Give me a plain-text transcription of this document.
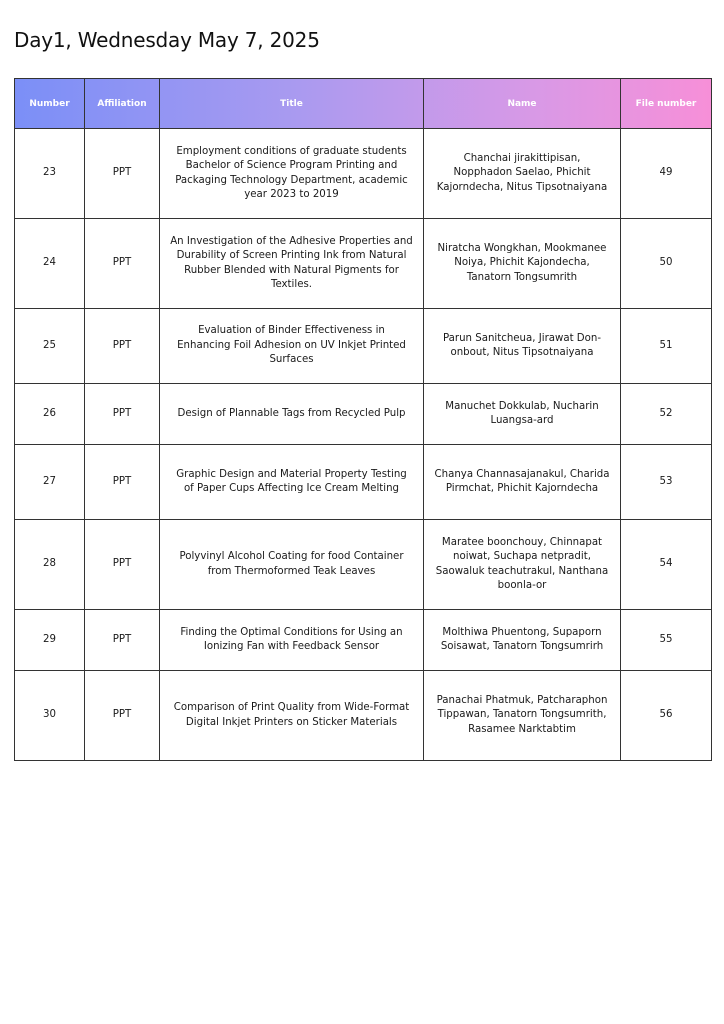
Day1, Wednesday May 7, 2025
Number	Affiliation	Title	Name	File number
23	PPT	Employment conditions of graduate students Bachelor of Science Program Printing and Packaging Technology Department, academic year 2023 to 2019	Chanchai jirakittipisan, Nopphadon Saelao, Phichit Kajorndecha, Nitus Tipsotnaiyana	49
24	PPT	An Investigation of the Adhesive Properties and Durability of Screen Printing Ink from Natural Rubber Blended with Natural Pigments for Textiles.	Niratcha Wongkhan, Mookmanee Noiya, Phichit Kajondecha, Tanatorn Tongsumrith	50
25	PPT	Evaluation of Binder Effectiveness in Enhancing Foil Adhesion on UV Inkjet Printed Surfaces	Parun Sanitcheua, Jirawat Don-onbout, Nitus Tipsotnaiyana	51
26	PPT	Design of Plannable Tags from Recycled Pulp	Manuchet Dokkulab, Nucharin Luangsa-ard	52
27	PPT	Graphic Design and Material Property Testing of Paper Cups Affecting Ice Cream Melting	Chanya Channasajanakul, Charida Pirmchat, Phichit Kajorndecha	53
28	PPT	Polyvinyl Alcohol Coating for food Container from Thermoformed Teak Leaves	Maratee boonchouy, Chinnapat noiwat, Suchapa netpradit, Saowaluk teachutrakul, Nanthana boonla-or	54
29	PPT	Finding the Optimal Conditions for Using an Ionizing Fan with Feedback Sensor	Molthiwa Phuentong, Supaporn Soisawat, Tanatorn Tongsumrirh	55
30	PPT	Comparison of Print Quality from Wide-Format Digital Inkjet Printers on Sticker Materials	Panachai Phatmuk, Patcharaphon Tippawan, Tanatorn Tongsumrith, Rasamee Narktabtim	56
